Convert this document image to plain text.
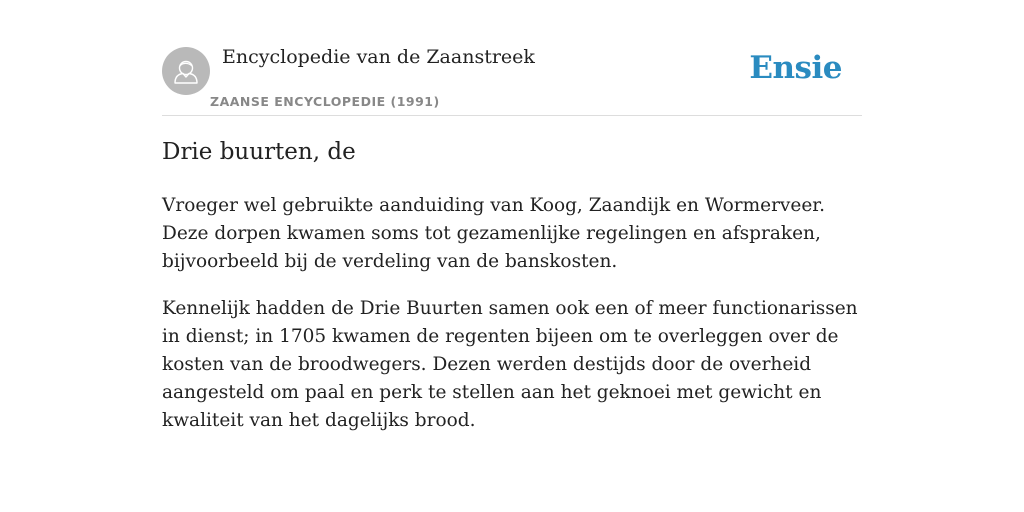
Encyclopedie van de Zaanstreek
ZAANSE ENCYCLOPEDIE (1991)
Ensie
Drie buurten, de

Vroeger wel gebruikte aanduiding van Koog, Zaandijk en Wormerveer. Deze dorpen kwamen soms tot gezamenlijke regelingen en afspraken, bijvoorbeeld bij de verdeling van de banskosten.

Kennelijk hadden de Drie Buurten samen ook een of meer functionarissen in dienst; in 1705 kwamen de regenten bijeen om te overleggen over de kosten van de broodwegers. Dezen werden destijds door de overheid aangesteld om paal en perk te stellen aan het geknoei met gewicht en kwaliteit van het dagelijks brood.
